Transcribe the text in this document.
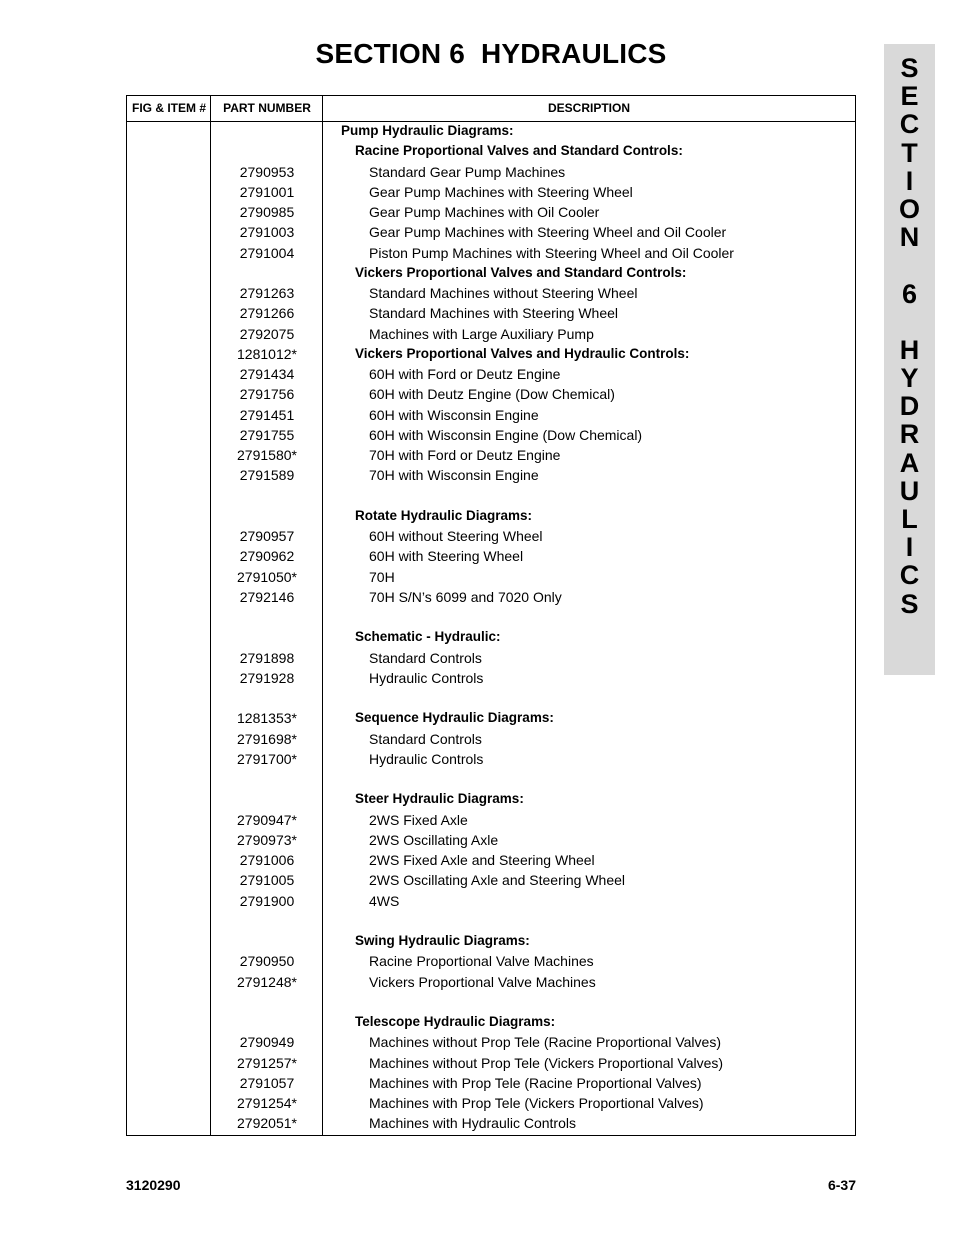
SECTION 6  HYDRAULICS	S
E
C
T
I
O
N
6
H
Y
D
R
A
U
L
I
C
S
FIG & ITEM #	PART NUMBER	DESCRIPTION
Pump Hydraulic Diagrams:
Racine Proportional Valves and Standard Controls:
2790953	Standard Gear Pump Machines
2791001	Gear Pump Machines with Steering Wheel
2790985	Gear Pump Machines with Oil Cooler
2791003	Gear Pump Machines with Steering Wheel and Oil Cooler
2791004	Piston Pump Machines with Steering Wheel and Oil Cooler
Vickers Proportional Valves and Standard Controls:
2791263	Standard Machines without Steering Wheel
2791266	Standard Machines with Steering Wheel
2792075	Machines with Large Auxiliary Pump
1281012*	Vickers Proportional Valves and Hydraulic Controls:
2791434	60H with Ford or Deutz Engine
2791756	60H with Deutz Engine (Dow Chemical)
2791451	60H with Wisconsin Engine
2791755	60H with Wisconsin Engine (Dow Chemical)
2791580*	70H with Ford or Deutz Engine
2791589	70H with Wisconsin Engine
Rotate Hydraulic Diagrams:
2790957	60H without Steering Wheel
2790962	60H with Steering Wheel
2791050*	70H
2792146	70H S/N’s 6099 and 7020 Only
Schematic - Hydraulic:
2791898	Standard Controls
2791928	Hydraulic Controls
1281353*	Sequence Hydraulic Diagrams:
2791698*	Standard Controls
2791700*	Hydraulic Controls
Steer Hydraulic Diagrams:
2790947*	2WS Fixed Axle
2790973*	2WS Oscillating Axle
2791006	2WS Fixed Axle and Steering Wheel
2791005	2WS Oscillating Axle and Steering Wheel
2791900	4WS
Swing Hydraulic Diagrams:
2790950	Racine Proportional Valve Machines
2791248*	Vickers Proportional Valve Machines
Telescope Hydraulic Diagrams:
2790949	Machines without Prop Tele (Racine Proportional Valves)
2791257*	Machines without Prop Tele (Vickers Proportional Valves)
2791057	Machines with Prop Tele (Racine Proportional Valves)
2791254*	Machines with Prop Tele (Vickers Proportional Valves)
2792051*	Machines with Hydraulic Controls
3120290	6-37
